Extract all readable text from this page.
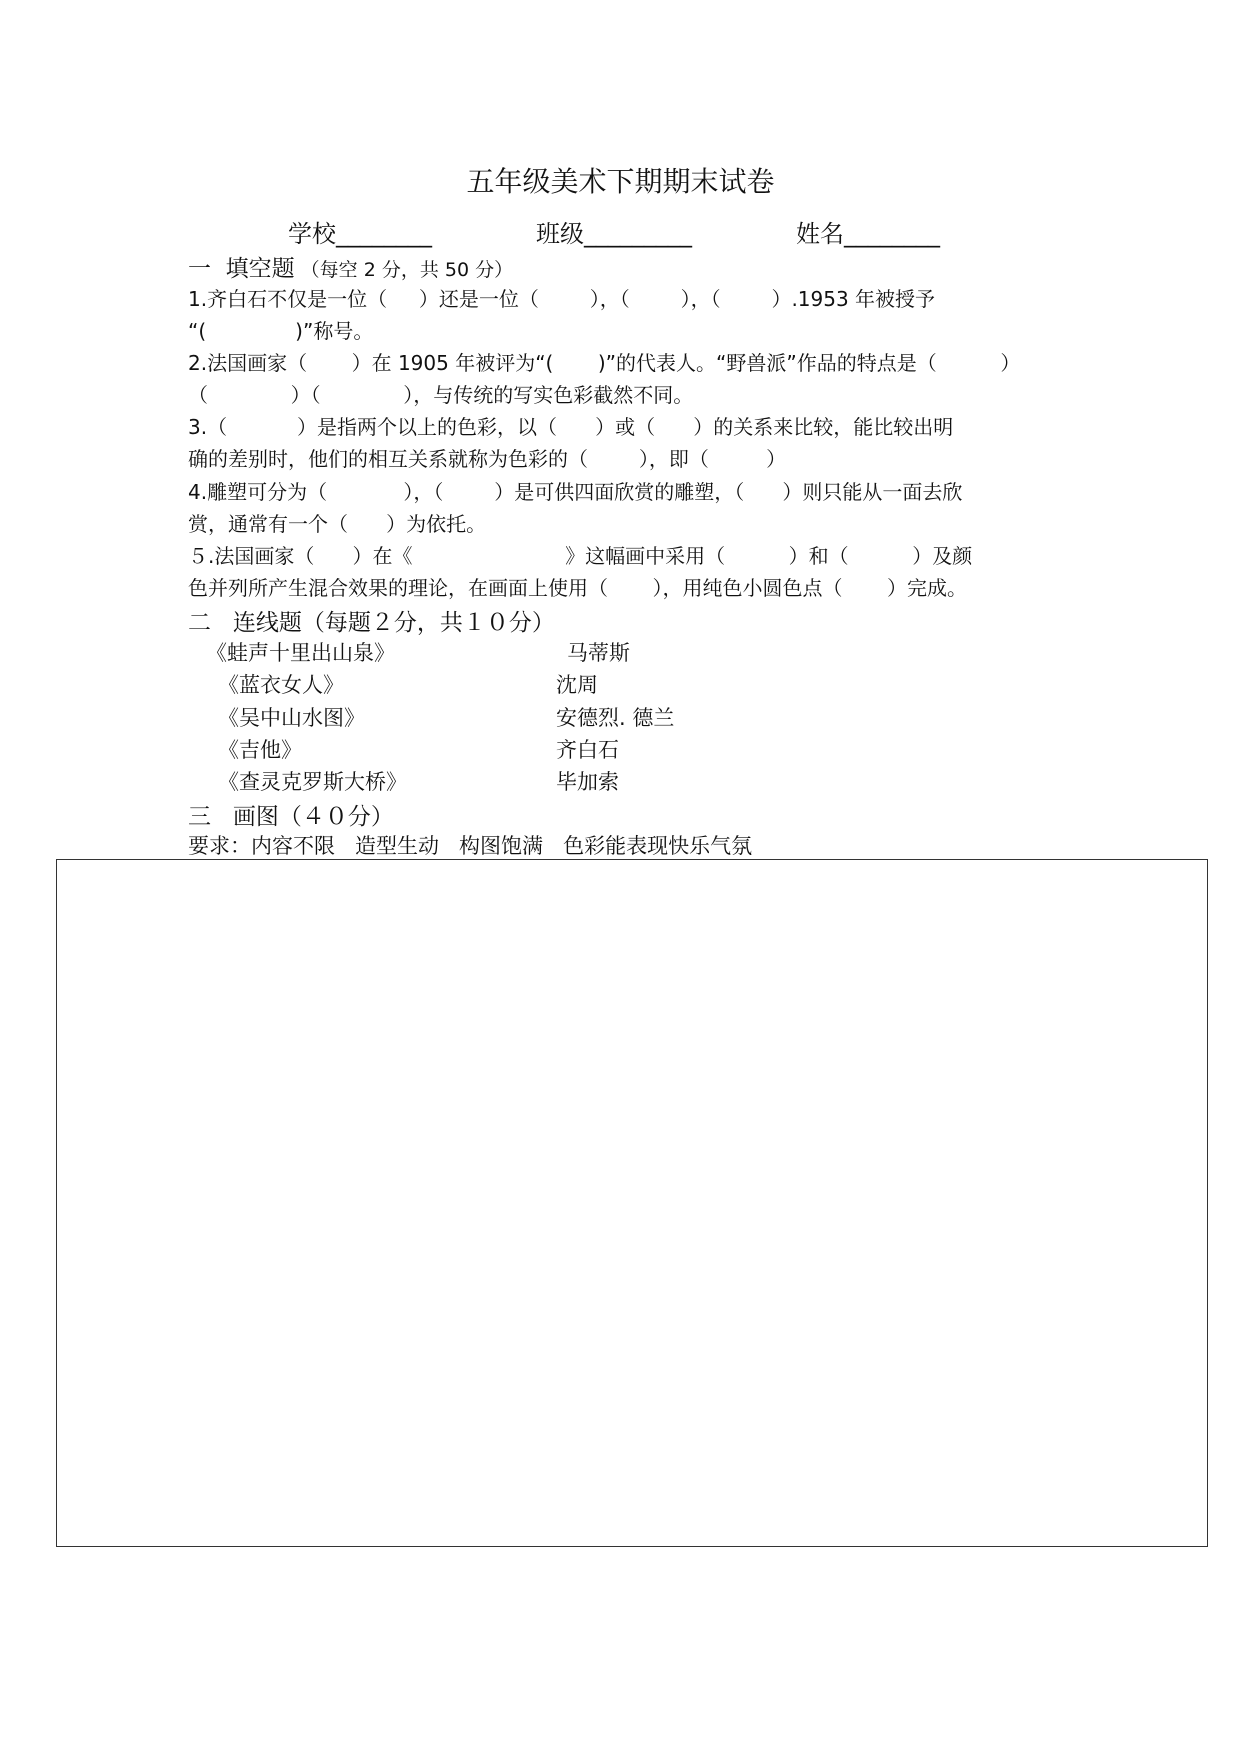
五年级美术下期期末试卷
学校________	班级_________	姓名________
一  填空题 （每空 2 分，共 50 分）
1.齐白石不仅是一位（     ）还是一位（        ），（        ），（        ）.1953 年被授予
“(              )”称号。
2.法国画家（       ）在 1905 年被评为“(       )”的代表人。“野兽派”作品的特点是（          ）
（             ）（             ），与传统的写实色彩截然不同。
3.（           ）是指两个以上的色彩，以（      ）或（      ）的关系来比较，能比较出明
确的差别时，他们的相互关系就称为色彩的（        ），即（         ）
4.雕塑可分为（            ），（        ）是可供四面欣赏的雕塑，（      ）则只能从一面去欣
赏，通常有一个（      ）为依托。
５.法国画家（      ）在《                        》这幅画中采用（          ）和（          ）及颜
色并列所产生混合效果的理论，在画面上使用（       ），用纯色小圆色点（       ）完成。
二   连线题（每题２分，共１０分）
《蛙声十里出山泉》
《蓝衣女人》
《吴中山水图》
《吉他》
《查灵克罗斯大桥》
马蒂斯
沈周
安德烈. 德兰
齐白石
毕加索
三   画图（４０分）
要求：内容不限   造型生动   构图饱满   色彩能表现快乐气氛
